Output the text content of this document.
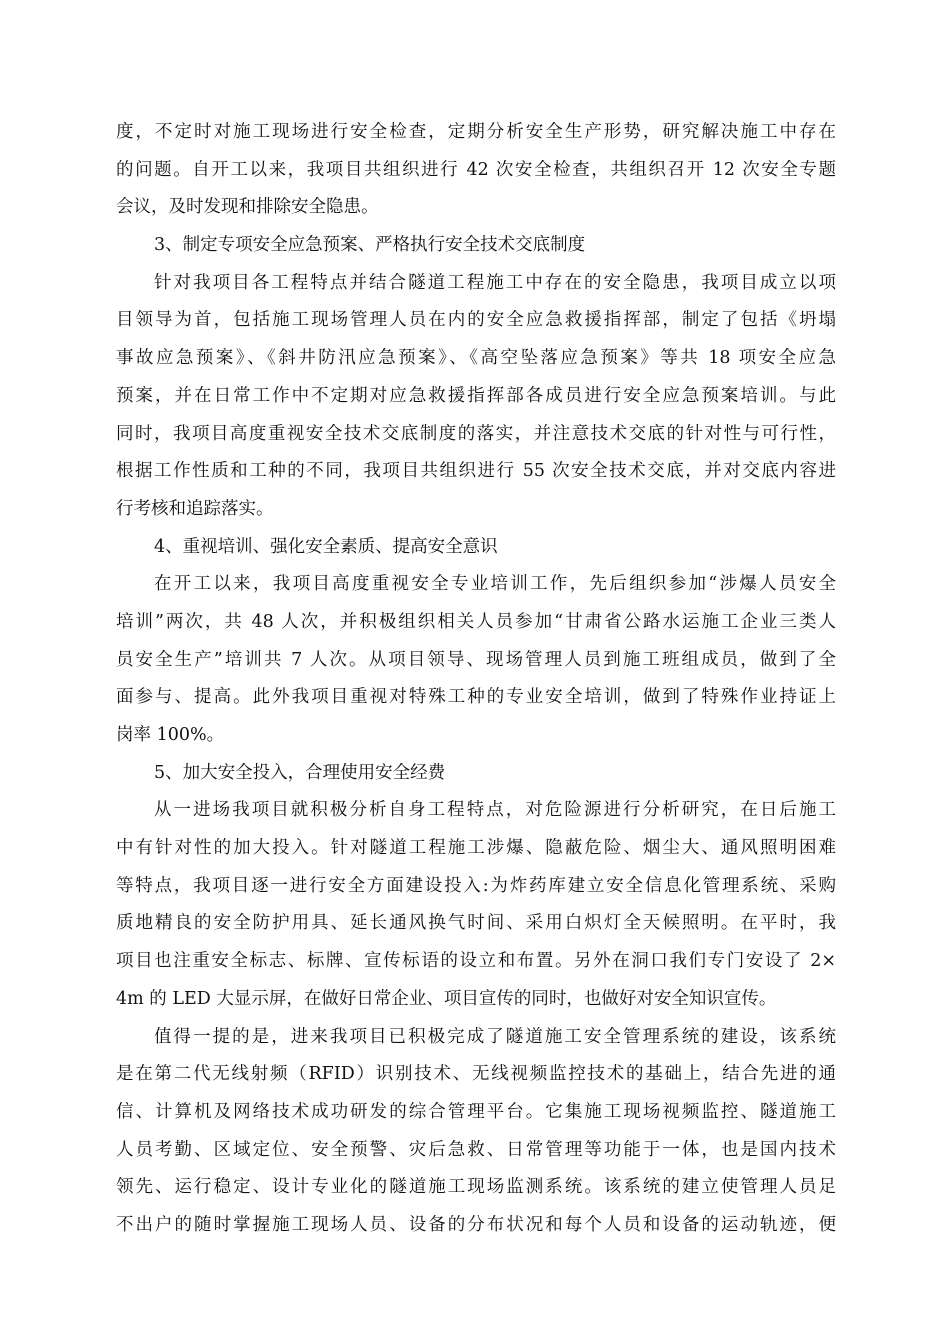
度，不定时对施工现场进行安全检查，定期分析安全生产形势，研究解决施工中存在
的问题。自开工以来，我项目共组织进行 42 次安全检查，共组织召开 12 次安全专题
会议，及时发现和排除安全隐患。
3、制定专项安全应急预案、严格执行安全技术交底制度
针对我项目各工程特点并结合隧道工程施工中存在的安全隐患，我项目成立以项
目领导为首，包括施工现场管理人员在内的安全应急救援指挥部，制定了包括《坍塌
事故应急预案》、《斜井防汛应急预案》、《高空坠落应急预案》等共 18 项安全应急
预案，并在日常工作中不定期对应急救援指挥部各成员进行安全应急预案培训。与此
同时，我项目高度重视安全技术交底制度的落实，并注意技术交底的针对性与可行性，
根据工作性质和工种的不同，我项目共组织进行 55 次安全技术交底，并对交底内容进
行考核和追踪落实。
4、重视培训、强化安全素质、提高安全意识
在开工以来，我项目高度重视安全专业培训工作，先后组织参加“涉爆人员安全
培训”两次，共 48 人次，并积极组织相关人员参加“甘肃省公路水运施工企业三类人
员安全生产”培训共 7 人次。从项目领导、现场管理人员到施工班组成员，做到了全
面参与、提高。此外我项目重视对特殊工种的专业安全培训，做到了特殊作业持证上
岗率 100%。
5、加大安全投入，合理使用安全经费
从一进场我项目就积极分析自身工程特点，对危险源进行分析研究，在日后施工
中有针对性的加大投入。针对隧道工程施工涉爆、隐蔽危险、烟尘大、通风照明困难
等特点，我项目逐一进行安全方面建设投入:为炸药库建立安全信息化管理系统、采购
质地精良的安全防护用具、延长通风换气时间、采用白炽灯全天候照明。在平时，我
项目也注重安全标志、标牌、宣传标语的设立和布置。另外在洞口我们专门安设了 2×
4m 的 LED 大显示屏，在做好日常企业、项目宣传的同时，也做好对安全知识宣传。
值得一提的是，进来我项目已积极完成了隧道施工安全管理系统的建设，该系统
是在第二代无线射频（RFID）识别技术、无线视频监控技术的基础上，结合先进的通
信、计算机及网络技术成功研发的综合管理平台。它集施工现场视频监控、隧道施工
人员考勤、区域定位、安全预警、灾后急救、日常管理等功能于一体，也是国内技术
领先、运行稳定、设计专业化的隧道施工现场监测系统。该系统的建立使管理人员足
不出户的随时掌握施工现场人员、设备的分布状况和每个人员和设备的运动轨迹，便
